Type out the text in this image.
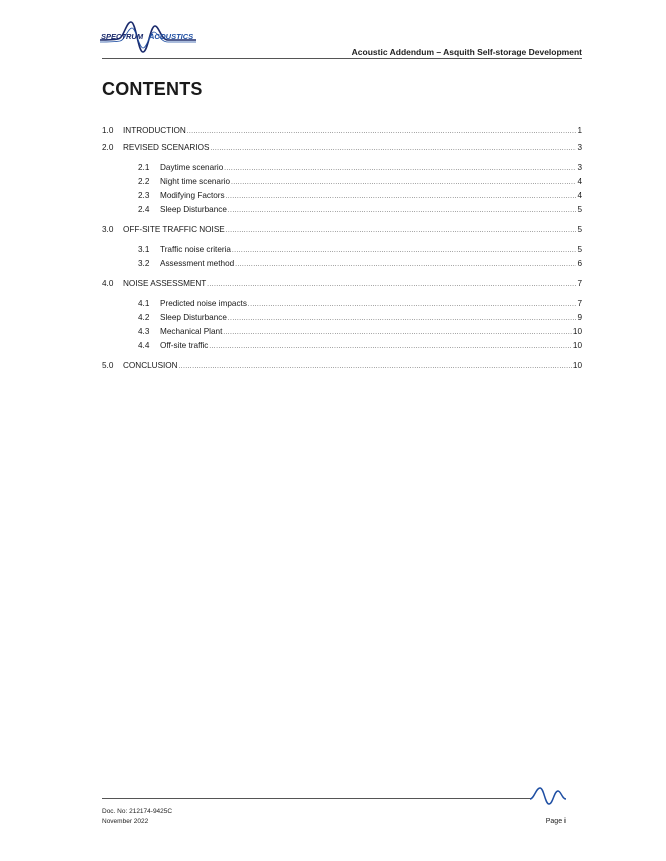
SPECTRUM ACOUSTICS
Acoustic Addendum – Asquith Self-storage Development
CONTENTS
1.0	INTRODUCTION .....	1
2.0	REVISED SCENARIOS .....	3
2.1	Daytime scenario .....	3
2.2	Night time scenario .....	4
2.3	Modifying Factors .....	4
2.4	Sleep Disturbance .....	5
3.0	OFF-SITE TRAFFIC NOISE .....	5
3.1	Traffic noise criteria .....	5
3.2	Assessment method .....	6
4.0	NOISE ASSESSMENT .....	7
4.1	Predicted noise impacts .....	7
4.2	Sleep Disturbance .....	9
4.3	Mechanical Plant .....	10
4.4	Off-site traffic .....	10
5.0	CONCLUSION .....	10
Doc. No: 212174-9425C
November 2022	Page i
